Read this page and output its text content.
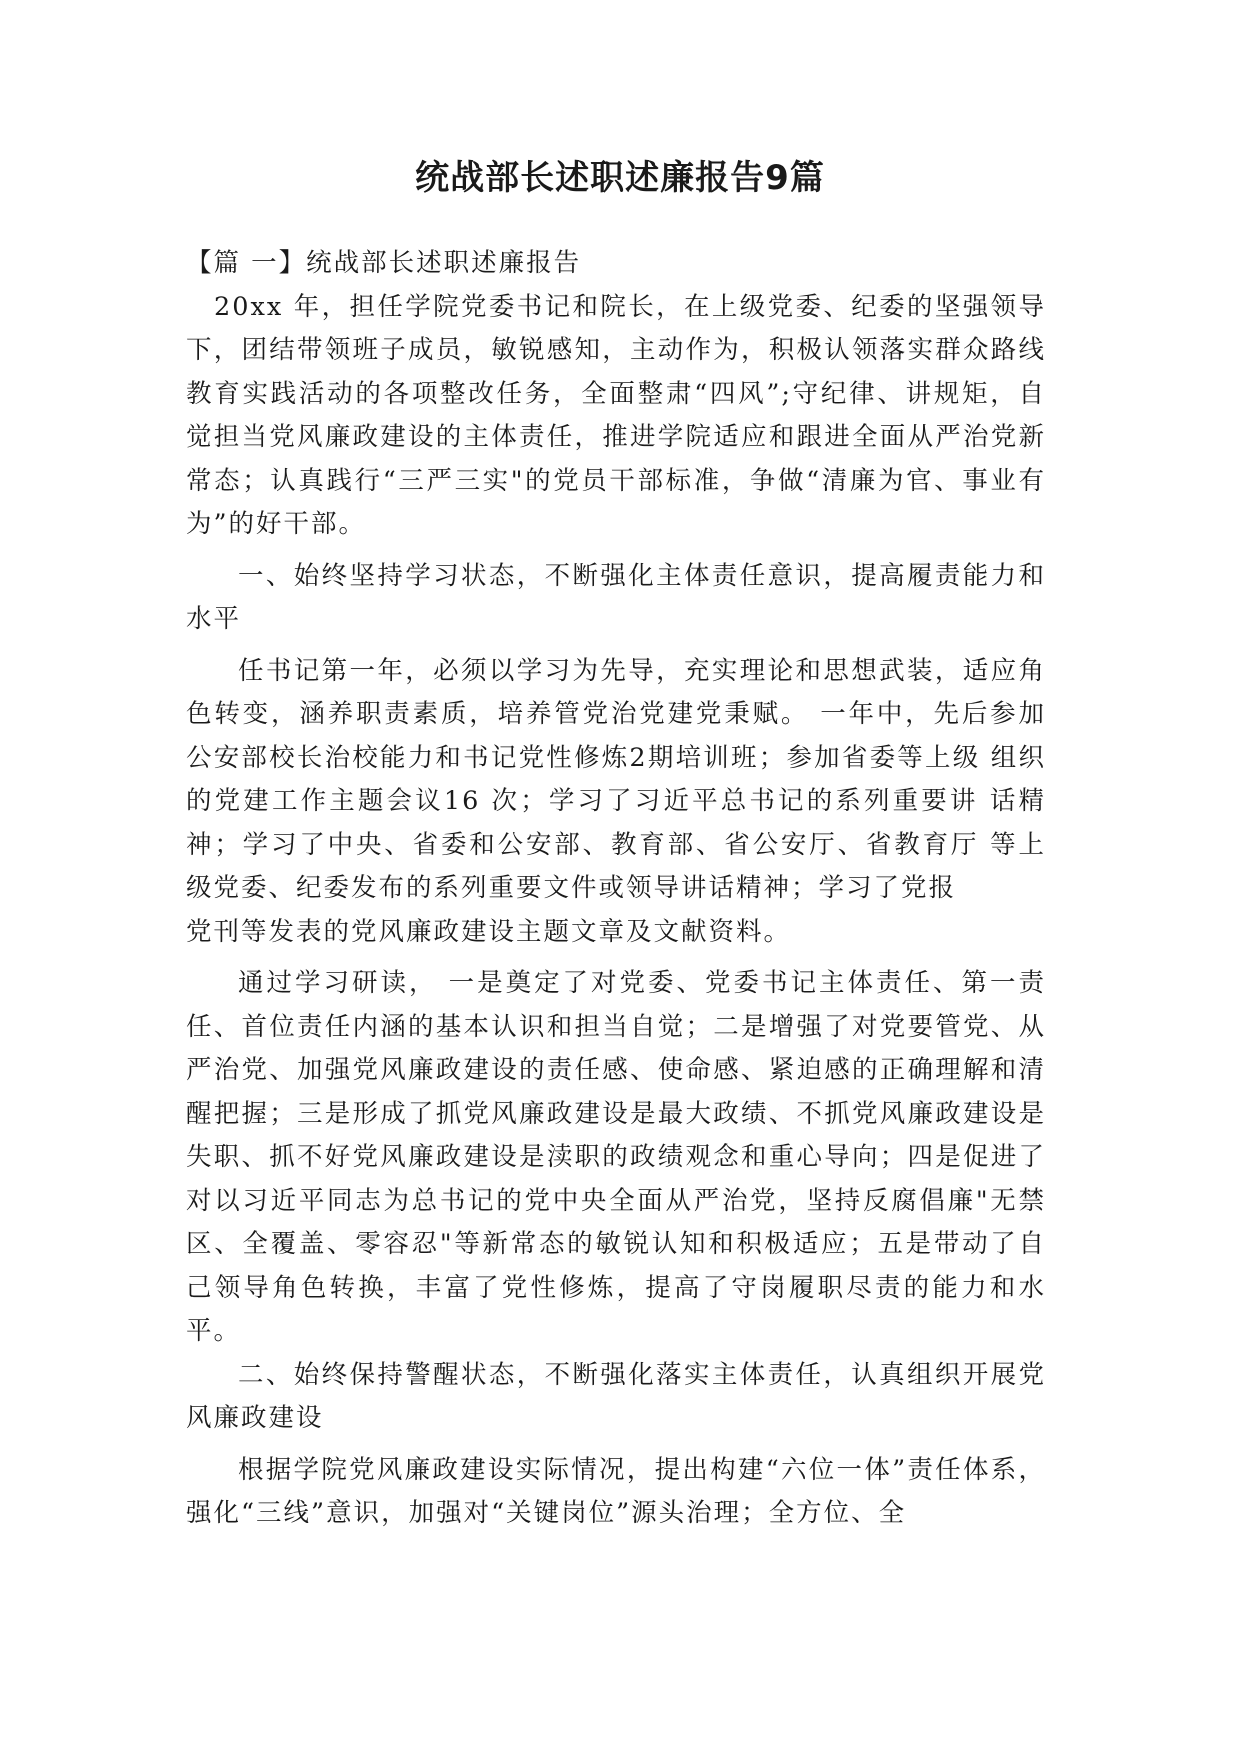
统战部长述职述廉报告9篇

【篇 一】统战部长述职述廉报告

20xx 年，担任学院党委书记和院长，在上级党委、纪委的坚强领导下，团结带领班子成员，敏锐感知，主动作为，积极认领落实群众路线教育实践活动的各项整改任务，全面整肃“四风”;守纪律、讲规矩，自觉担当党风廉政建设的主体责任，推进学院适应和跟进全面从严治党新常态；认真践行“三严三实"的党员干部标准，争做“清廉为官、事业有为”的好干部。

一、始终坚持学习状态，不断强化主体责任意识，提高履责能力和水平

任书记第一年，必须以学习为先导，充实理论和思想武装，适应角色转变，涵养职责素质，培养管党治党建党秉赋。 一年中，先后参加公安部校长治校能力和书记党性修炼2期培训班；参加省委等上级 组织的党建工作主题会议16 次；学习了习近平总书记的系列重要讲 话精神；学习了中央、省委和公安部、教育部、省公安厅、省教育厅 等上级党委、纪委发布的系列重要文件或领导讲话精神；学习了党报

党刊等发表的党风廉政建设主题文章及文献资料。

通过学习研读， 一是奠定了对党委、党委书记主体责任、第一责任、首位责任内涵的基本认识和担当自觉；二是增强了对党要管党、从严治党、加强党风廉政建设的责任感、使命感、紧迫感的正确理解和清醒把握；三是形成了抓党风廉政建设是最大政绩、不抓党风廉政建设是失职、抓不好党风廉政建设是渎职的政绩观念和重心导向；四是促进了对以习近平同志为总书记的党中央全面从严治党，坚持反腐倡廉"无禁区、全覆盖、零容忍"等新常态的敏锐认知和积极适应；五是带动了自己领导角色转换，丰富了党性修炼，提高了守岗履职尽责的能力和水平。

二、始终保持警醒状态，不断强化落实主体责任，认真组织开展党风廉政建设

根据学院党风廉政建设实际情况，提出构建“六位一体”责任体系，强化“三线”意识，加强对“关键岗位”源头治理；全方位、全
